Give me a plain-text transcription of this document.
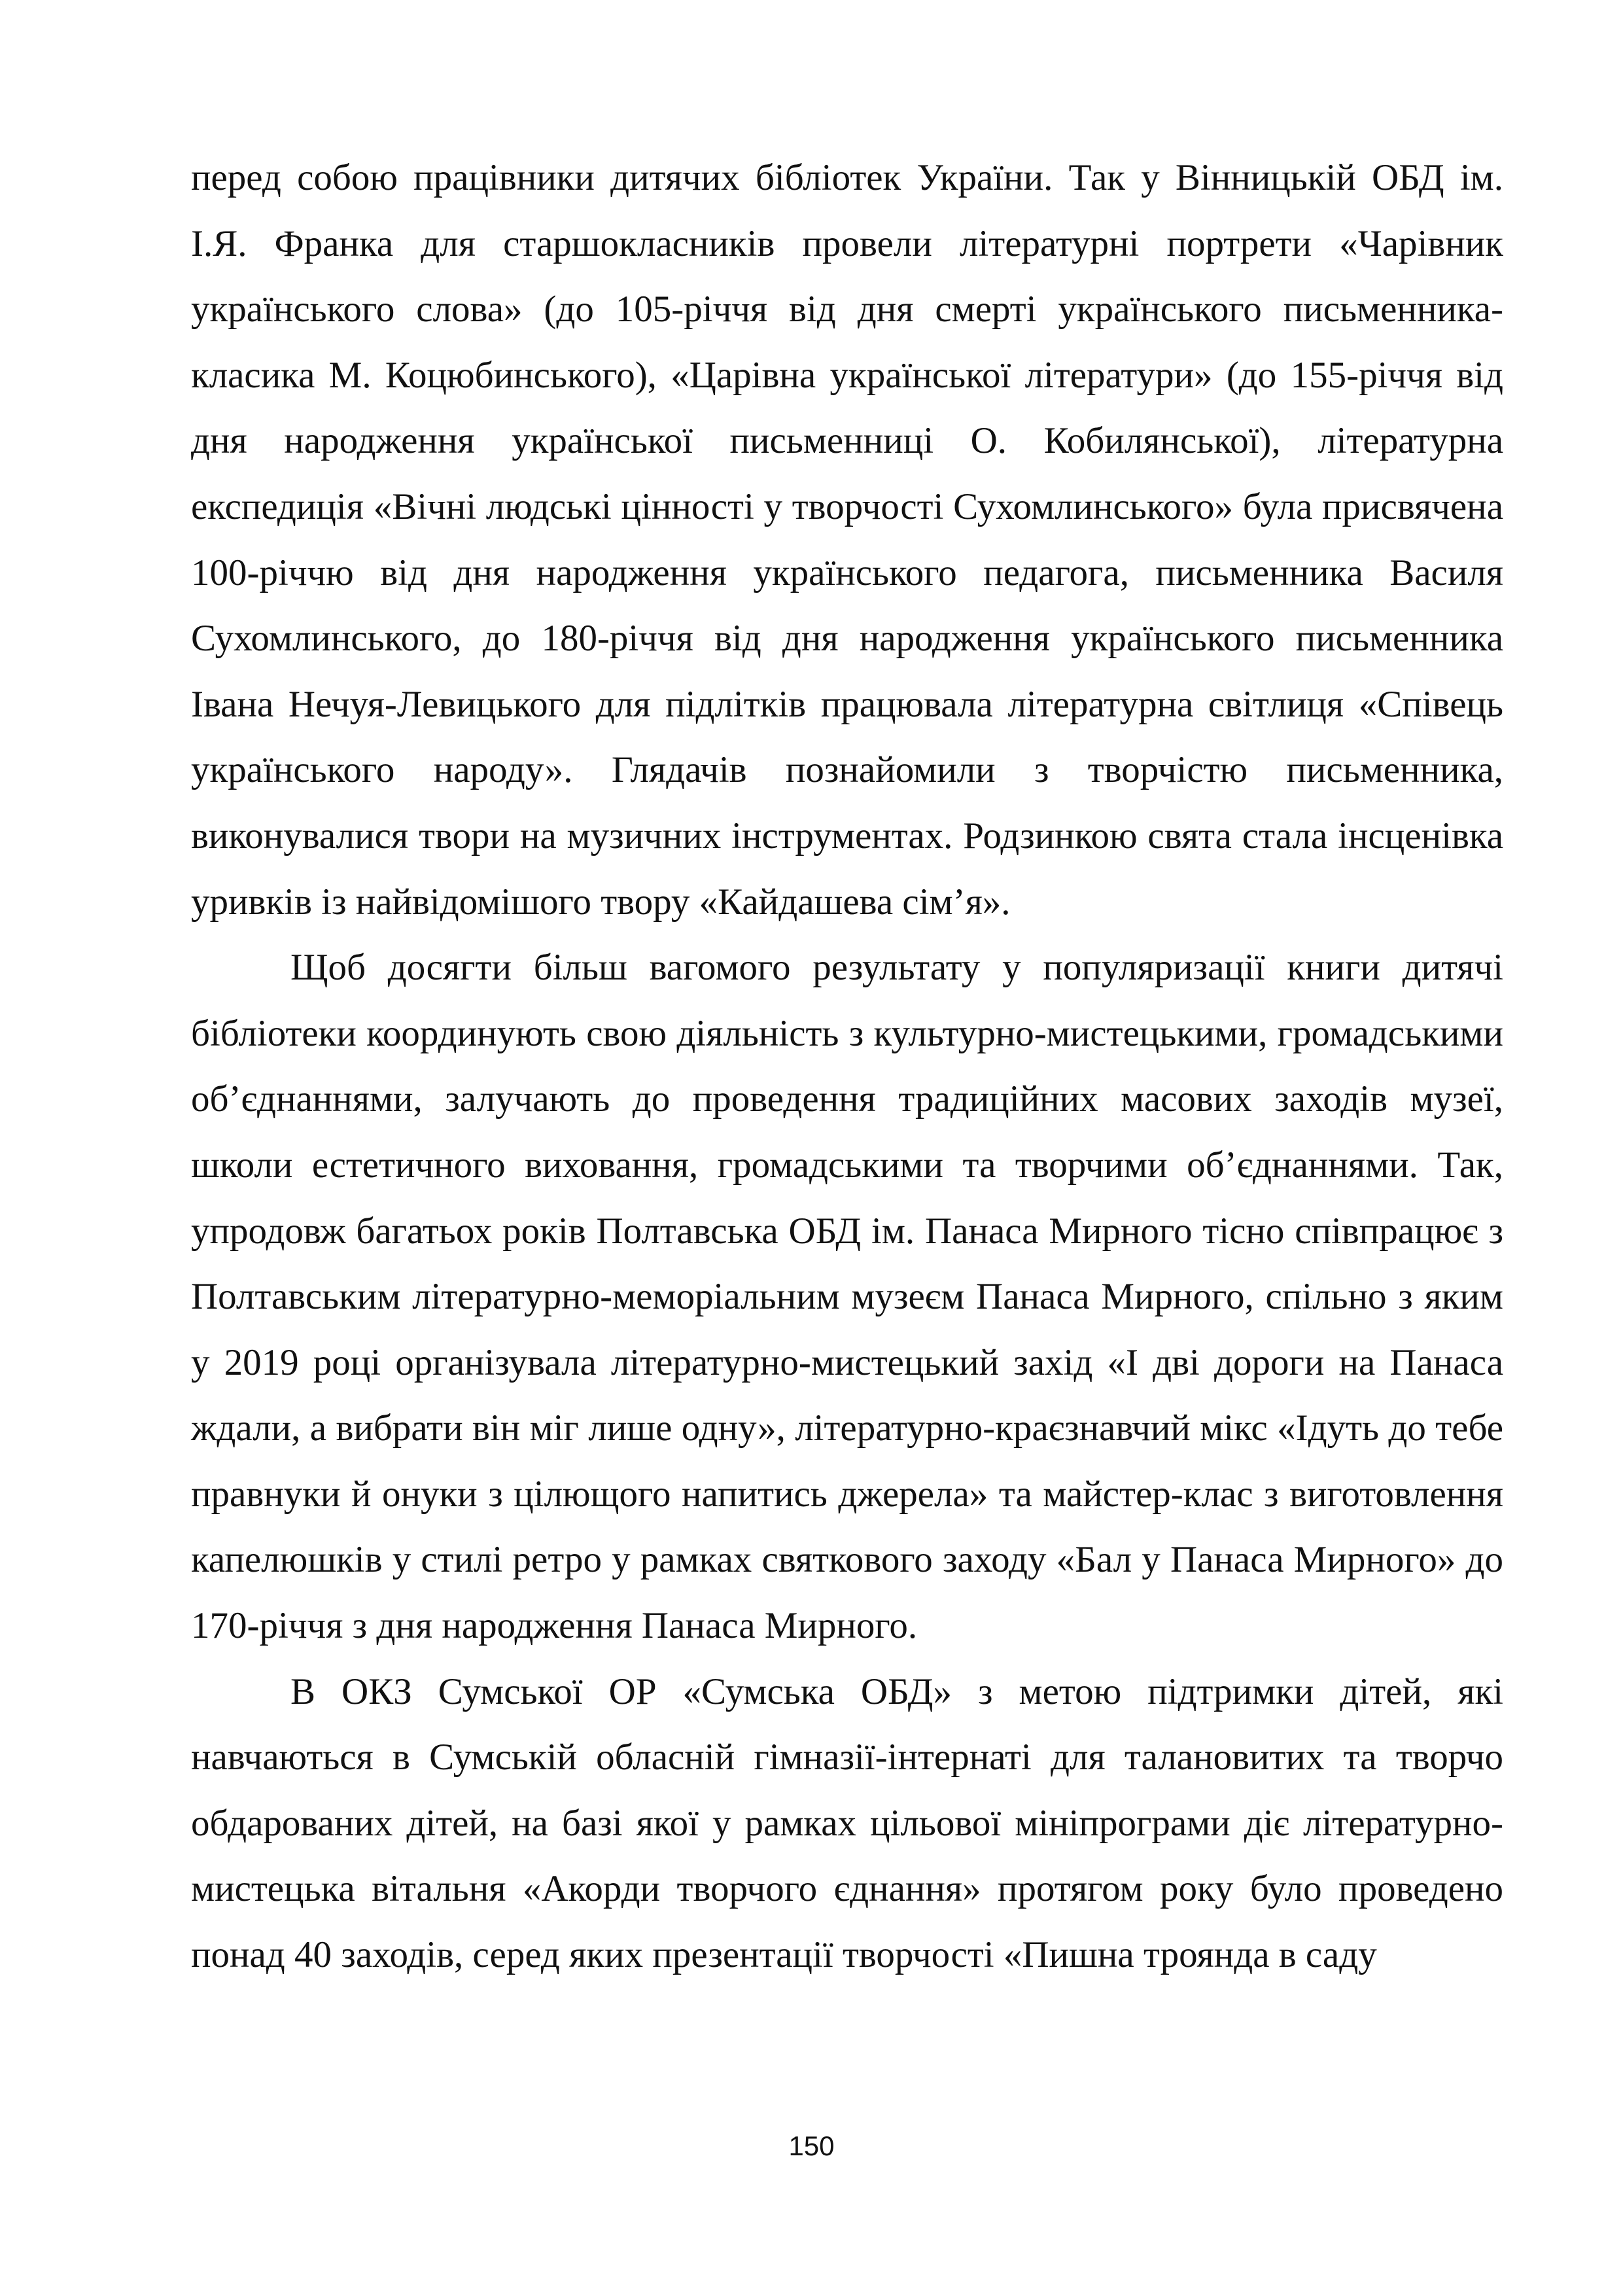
перед собою працівники дитячих бібліотек України. Так у Вінницькій ОБД ім. І.Я. Франка для старшокласників провели літературні портрети «Чарівник українського слова» (до 105-річчя від дня смерті українського письменника-класика М. Коцюбинського), «Царівна української літератури» (до 155-річчя від дня народження української письменниці О. Кобилянської), літературна експедиція «Вічні людські цінності у творчості Сухомлинського» була присвячена 100-річчю від дня народження українського педагога, письменника Василя Сухомлинського, до 180-річчя від дня народження українського письменника Івана Нечуя-Левицького для підлітків працювала літературна світлиця «Співець українського народу». Глядачів познайомили з творчістю письменника, виконувалися твори на музичних інструментах. Родзинкою свята стала інсценівка уривків із найвідомішого твору «Кайдашева сім’я».

Щоб досягти більш вагомого результату у популяризації книги дитячі бібліотеки координують свою діяльність з культурно-мистецькими, громадськими об’єднаннями, залучають до проведення традиційних масових заходів музеї, школи естетичного виховання, громадськими та творчими об’єднаннями. Так, упродовж багатьох років Полтавська ОБД ім. Панаса Мирного тісно співпрацює з Полтавським літературно-меморіальним музеєм Панаса Мирного, спільно з яким у 2019 році організувала літературно-мистецький захід «І дві дороги на Панаса ждали, а вибрати він міг лише одну», літературно-краєзнавчий мікс «Ідуть до тебе правнуки й онуки з цілющого напитись джерела» та майстер-клас з виготовлення капелюшків у стилі ретро у рамках святкового заходу «Бал у Панаса Мирного» до 170-річчя з дня народження Панаса Мирного.

В ОКЗ Сумської ОР «Сумська ОБД» з метою підтримки дітей, які навчаються в Сумській обласній гімназії-інтернаті для талановитих та творчо обдарованих дітей, на базі якої у рамках цільової мініпрограми діє літературно-мистецька вітальня «Акорди творчого єднання» протягом року було проведено понад 40 заходів, серед яких презентації творчості «Пишна троянда в саду

150
